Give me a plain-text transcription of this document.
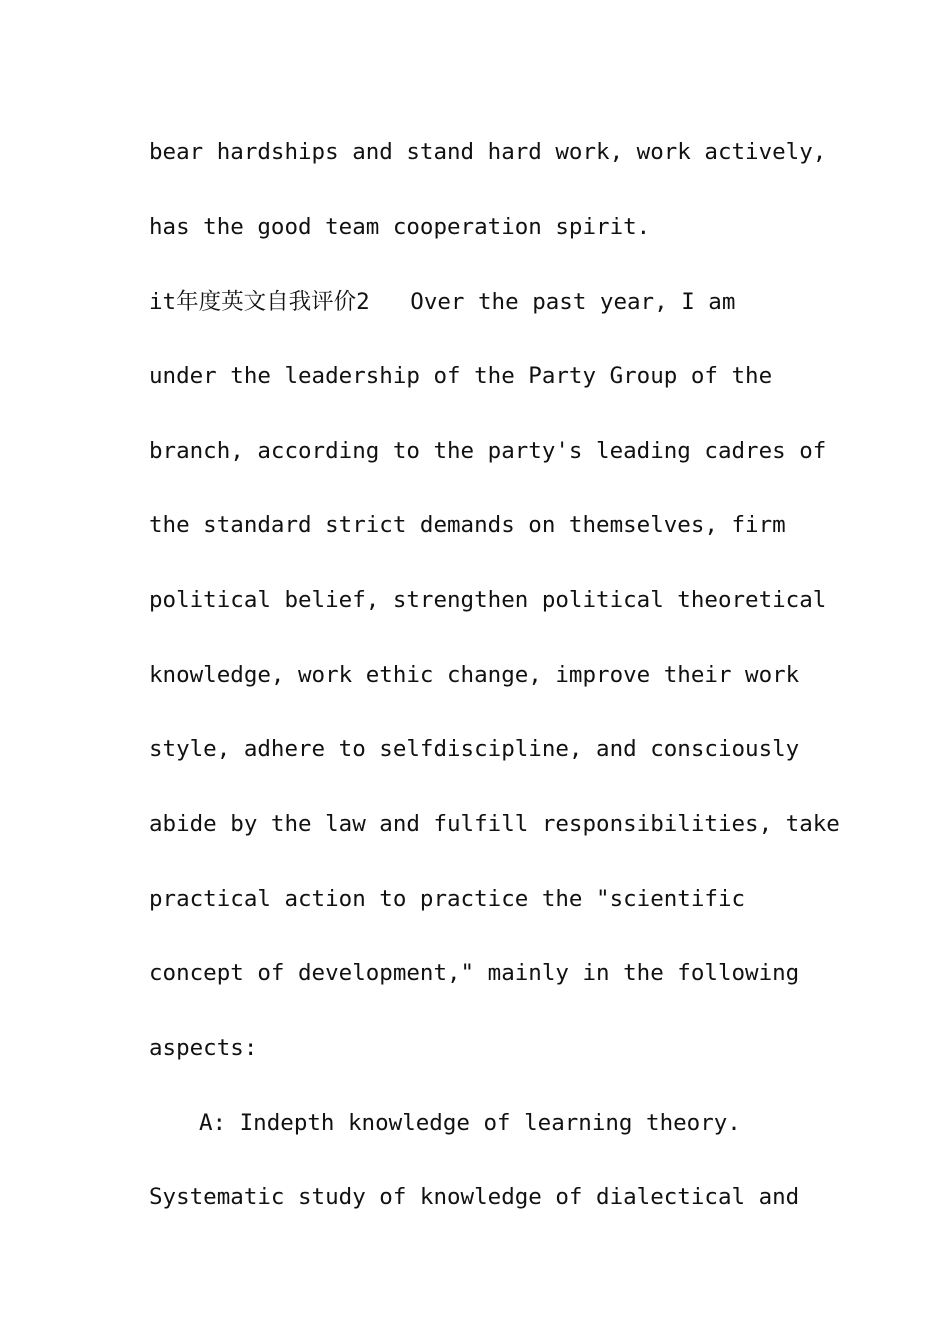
bear hardships and stand hard work, work actively,

has the good team cooperation spirit.

it年度英文自我评价2   Over the past year, I am

under the leadership of the Party Group of the

branch, according to the party's leading cadres of

the standard strict demands on themselves, firm

political belief, strengthen political theoretical

knowledge, work ethic change, improve their work

style, adhere to selfdiscipline, and consciously

abide by the law and fulfill responsibilities, take

practical action to practice the "scientific

concept of development," mainly in the following

aspects:

A: Indepth knowledge of learning theory.

Systematic study of knowledge of dialectical and
